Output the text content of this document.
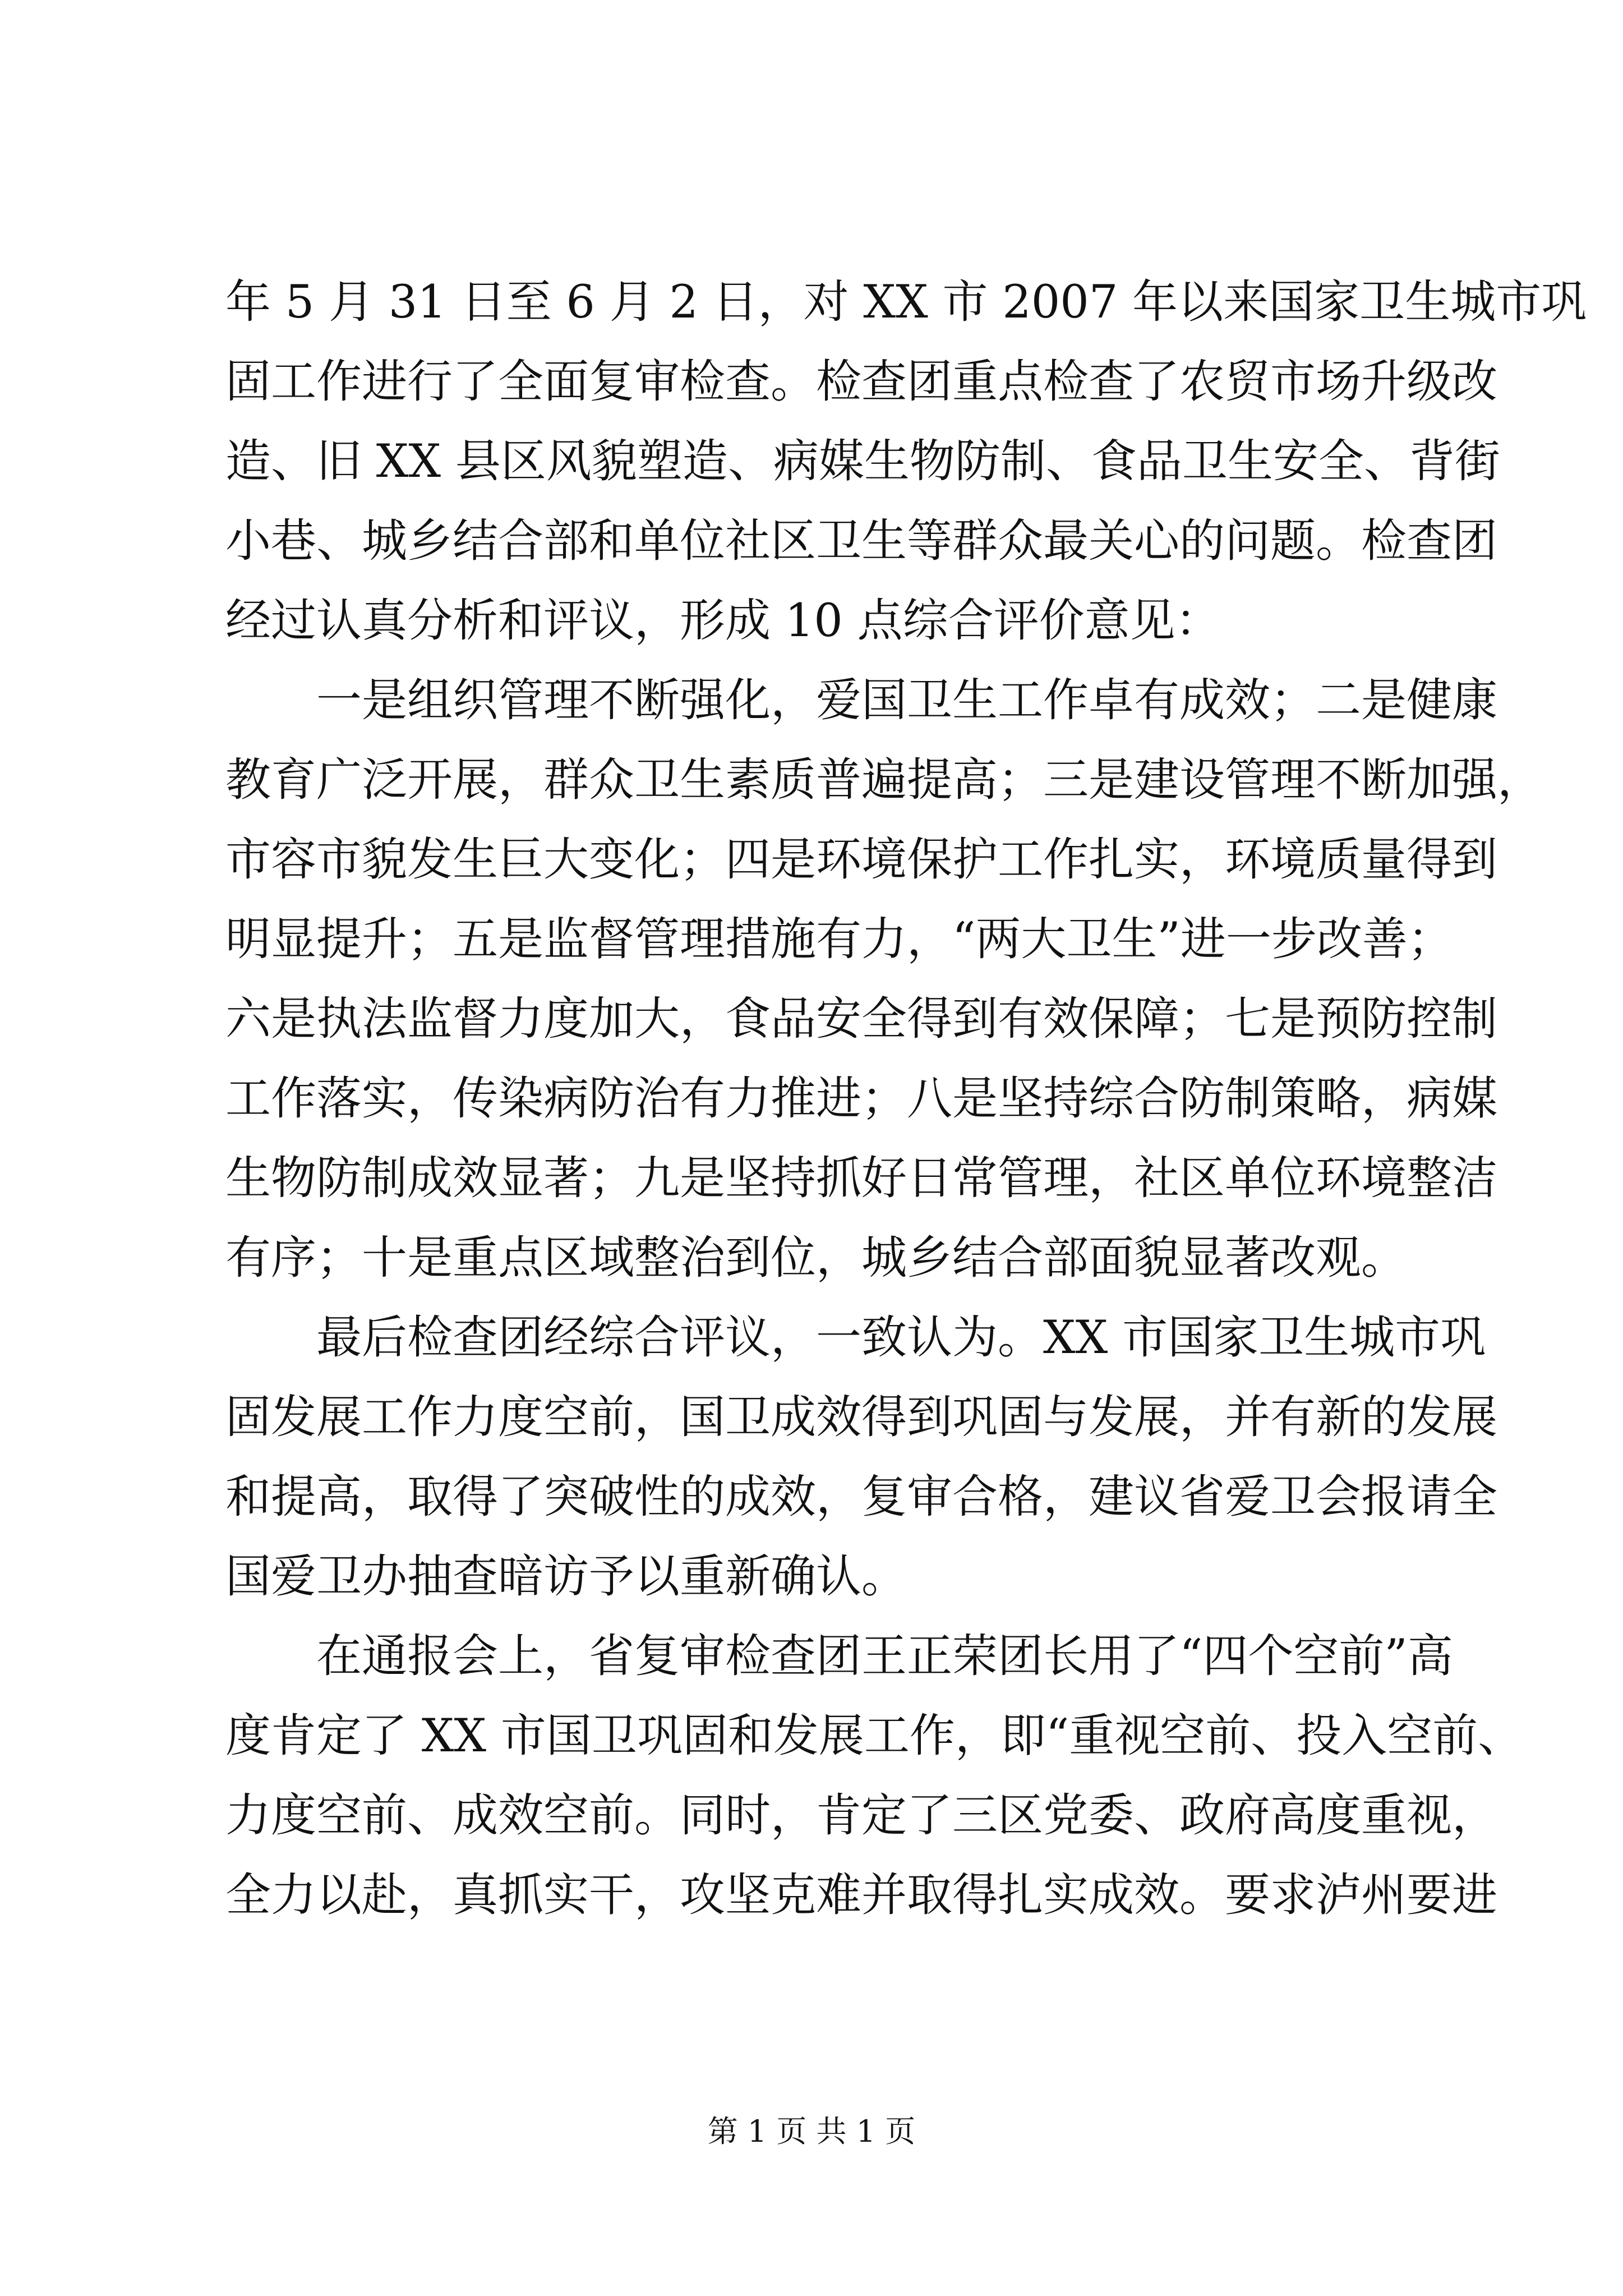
年 5 月 31 日至 6 月 2 日，对 XX 市 2007 年以来国家卫生城市巩
固工作进行了全面复审检查。检查团重点检查了农贸市场升级改
造、旧 XX 县区风貌塑造、病媒生物防制、食品卫生安全、背街
小巷、城乡结合部和单位社区卫生等群众最关心的问题。检查团
经过认真分析和评议，形成 10 点综合评价意见：
一是组织管理不断强化，爱国卫生工作卓有成效；二是健康
教育广泛开展，群众卫生素质普遍提高；三是建设管理不断加强，
市容市貌发生巨大变化；四是环境保护工作扎实，环境质量得到
明显提升；五是监督管理措施有力，“两大卫生”进一步改善；
六是执法监督力度加大，食品安全得到有效保障；七是预防控制
工作落实，传染病防治有力推进；八是坚持综合防制策略，病媒
生物防制成效显著；九是坚持抓好日常管理，社区单位环境整洁
有序；十是重点区域整治到位，城乡结合部面貌显著改观。
最后检查团经综合评议，一致认为。XX 市国家卫生城市巩
固发展工作力度空前，国卫成效得到巩固与发展，并有新的发展
和提高，取得了突破性的成效，复审合格，建议省爱卫会报请全
国爱卫办抽查暗访予以重新确认。
在通报会上，省复审检查团王正荣团长用了“四个空前”高
度肯定了 XX 市国卫巩固和发展工作，即“重视空前、投入空前、
力度空前、成效空前。同时，肯定了三区党委、政府高度重视，
全力以赴，真抓实干，攻坚克难并取得扎实成效。要求泸州要进
第 1 页 共 1 页
